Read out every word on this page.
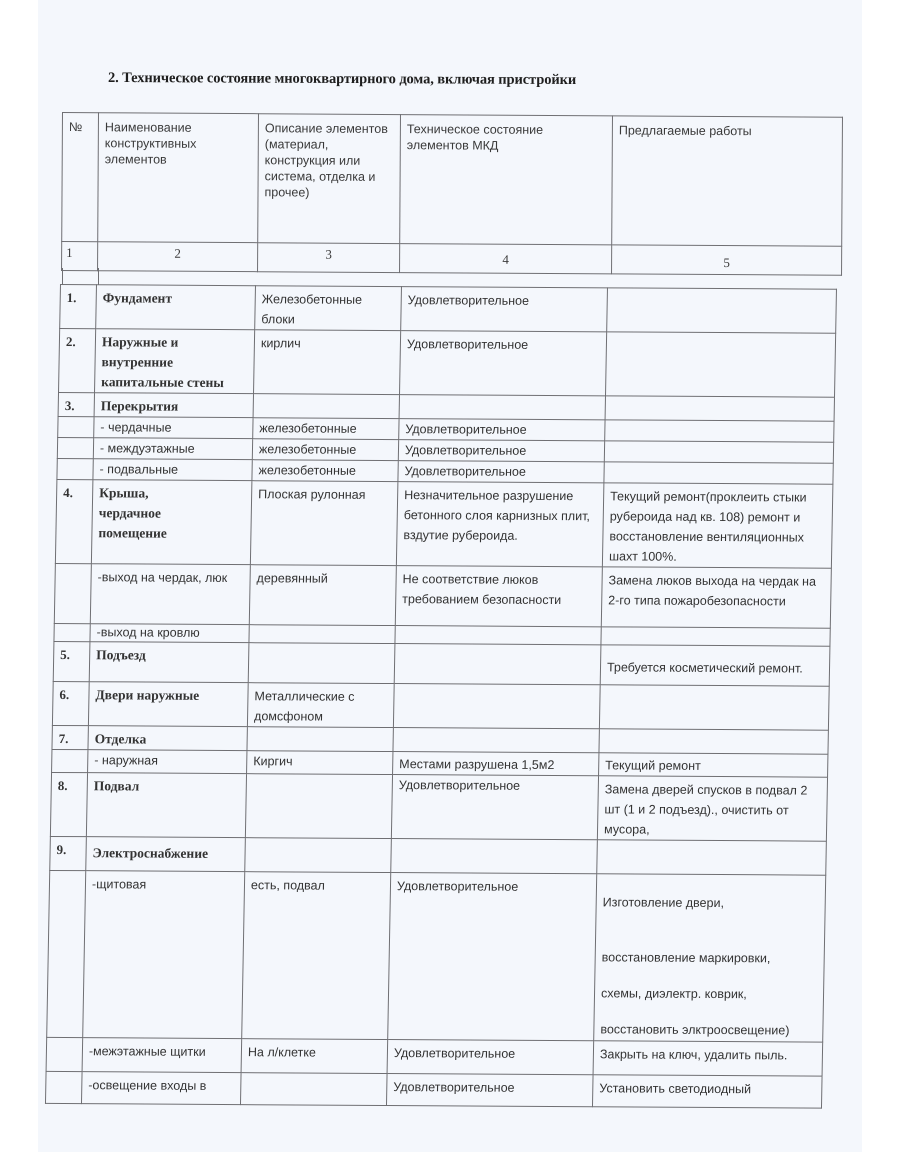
2. Техническое состояние многоквартирного дома, включая пристройки
№	Наименование конструктивных элементов	Описание элементов (материал, конструкция или система, отделка и прочее)	Техническое состояние элементов МКД	Предлагаемые работы
1	2	3	4	5
1.	Фундамент	Железобетонные блоки	Удовлетворительное	
2.	Наружные и внутренние капитальные стены	кирлич	Удовлетворительное	
3.	Перекрытия			
	- чердачные	железобетонные	Удовлетворительное	
	- междуэтажные	железобетонные	Удовлетворительное	
	- подвальные	железобетонные	Удовлетворительное	
4.	Крыша, чердачное помещение	Плоская рулонная	Незначительное разрушение бетонного слоя карнизных плит, вздутие рубероида.	Текущий ремонт(проклеить стыки рубероида над кв. 108) ремонт и восстановление вентиляционных шахт 100%.
	-выход на чердак, люк	деревянный	Не соответствие люков требованием безопасности	Замена люков выхода на чердак на 2-го типа пожаробезопасности
	-выход на кровлю			
5.	Подъезд			Требуется косметический ремонт.
6.	Двери наружные	Металлические с домсфоном		
7.	Отделка			
	- наружная	Киргич	Местами разрушена 1,5м2	Текущий ремонт
8.	Подвал		Удовлетворительное	Замена дверей спусков в подвал 2 шт (1 и 2 подъезд)., очистить от мусора,
9.	Электроснабжение			
	-щитовая	есть, подвал	Удовлетворительное	Изготовление двери,
восстановление маркировки,
схемы, диэлектр. коврик,
восстановить элктроосвещение)

	-межэтажные щитки	На л/клетке	Удовлетворительное	Закрыть на ключ, удалить пыль.
	-освещение входы в		Удовлетворительное	Установить светодиодный
